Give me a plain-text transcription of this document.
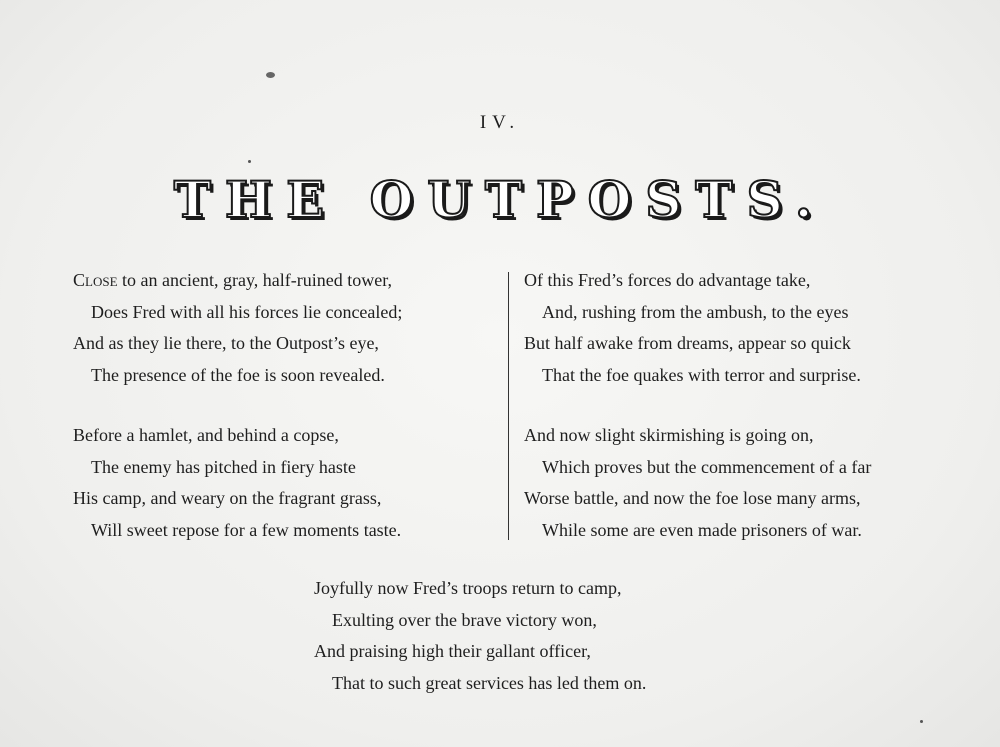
IV.
THE OUTPOSTS.
Close to an ancient, gray, half-ruined tower,
Does Fred with all his forces lie concealed;
And as they lie there, to the Outpost’s eye,
The presence of the foe is soon revealed.
Before a hamlet, and behind a copse,
The enemy has pitched in fiery haste
His camp, and weary on the fragrant grass,
Will sweet repose for a few moments taste.
Of this Fred’s forces do advantage take,
And, rushing from the ambush, to the eyes
But half awake from dreams, appear so quick
That the foe quakes with terror and surprise.
And now slight skirmishing is going on,
Which proves but the commencement of a far
Worse battle, and now the foe lose many arms,
While some are even made prisoners of war.
Joyfully now Fred’s troops return to camp,
Exulting over the brave victory won,
And praising high their gallant officer,
That to such great services has led them on.
